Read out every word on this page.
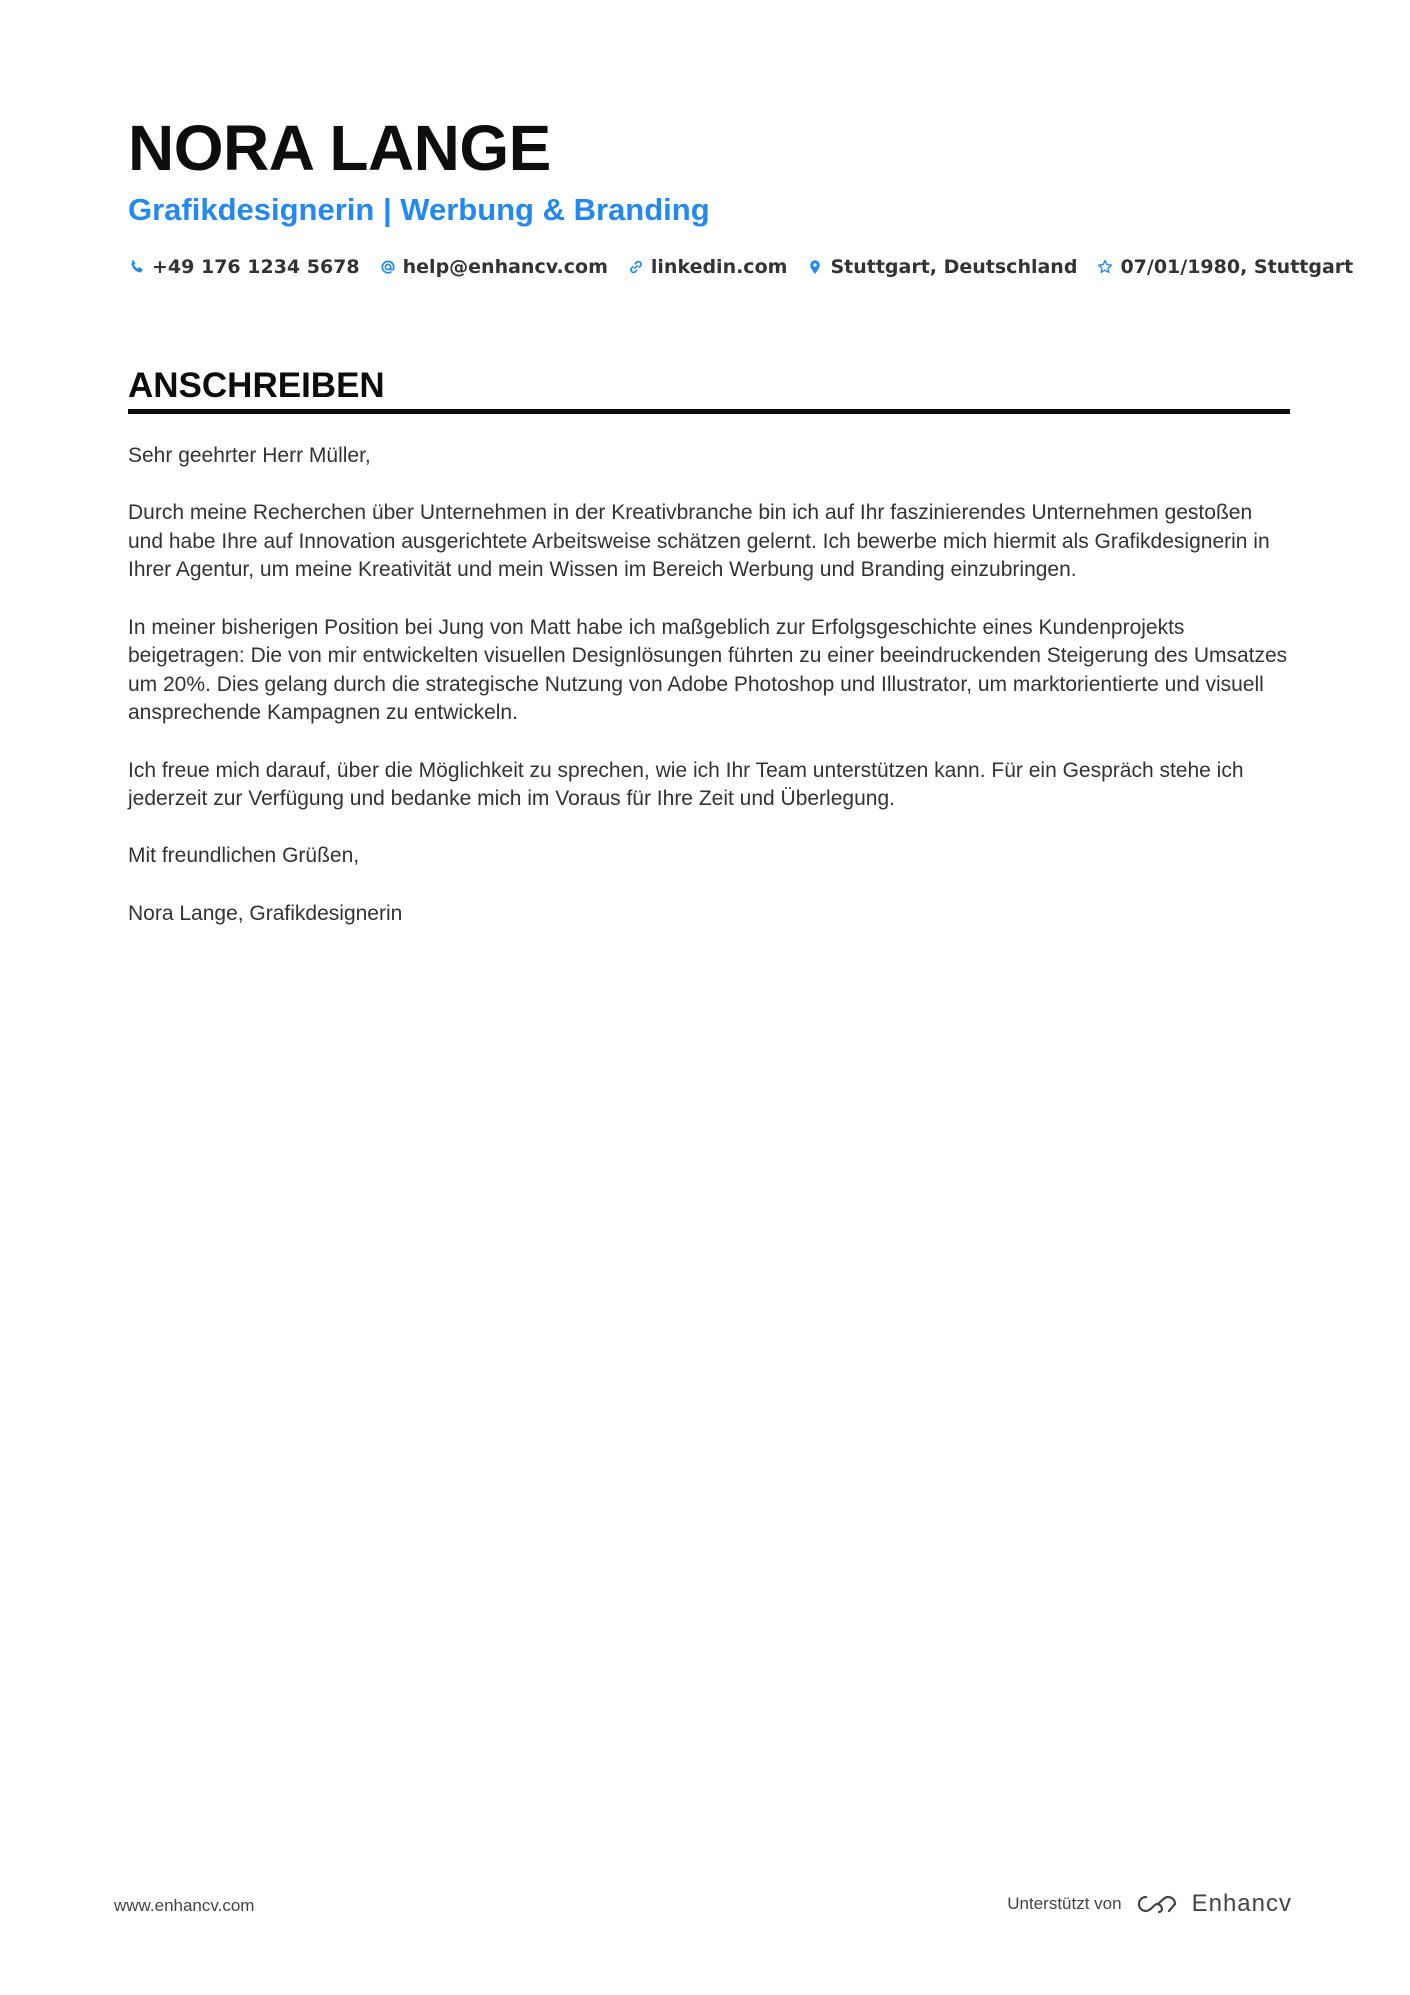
NORA LANGE
Grafikdesignerin | Werbung & Branding
+49 176 1234 5678 help@enhancv.com linkedin.com Stuttgart, Deutschland 07/01/1980, Stuttgart
ANSCHREIBEN

Sehr geehrter Herr Müller,

Durch meine Recherchen über Unternehmen in der Kreativbranche bin ich auf Ihr faszinierendes Unternehmen gestoßen und habe Ihre auf Innovation ausgerichtete Arbeitsweise schätzen gelernt. Ich bewerbe mich hiermit als Grafikdesignerin in Ihrer Agentur, um meine Kreativität und mein Wissen im Bereich Werbung und Branding einzubringen.

In meiner bisherigen Position bei Jung von Matt habe ich maßgeblich zur Erfolgsgeschichte eines Kundenprojekts beigetragen: Die von mir entwickelten visuellen Designlösungen führten zu einer beeindruckenden Steigerung des Umsatzes um 20%. Dies gelang durch die strategische Nutzung von Adobe Photoshop und Illustrator, um marktorientierte und visuell ansprechende Kampagnen zu entwickeln.

Ich freue mich darauf, über die Möglichkeit zu sprechen, wie ich Ihr Team unterstützen kann. Für ein Gespräch stehe ich jederzeit zur Verfügung und bedanke mich im Voraus für Ihre Zeit und Überlegung.

Mit freundlichen Grüßen,

Nora Lange, Grafikdesignerin

www.enhancv.com	Unterstützt von	Enhancv
